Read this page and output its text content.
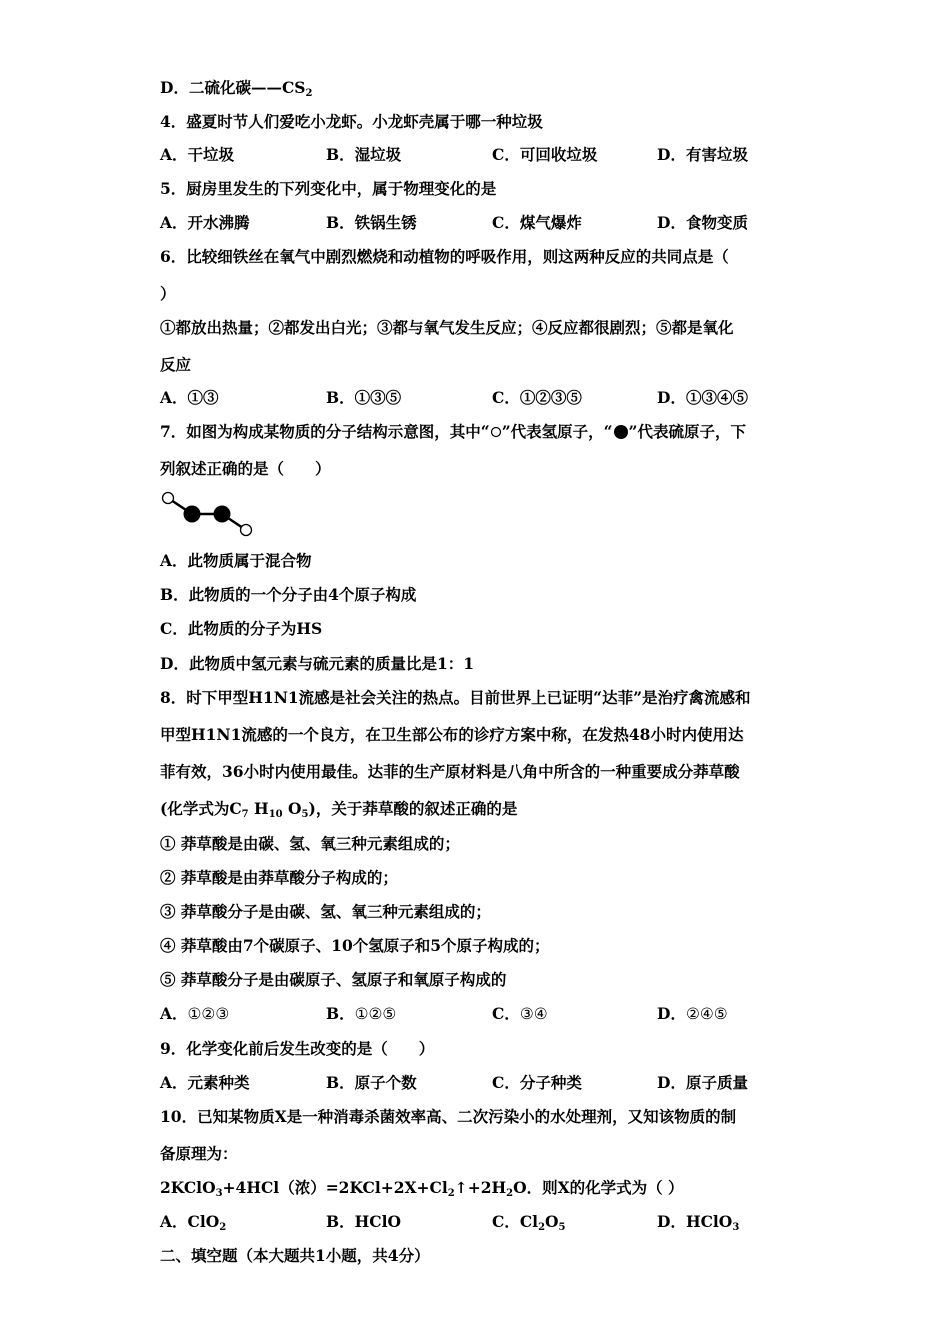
D．二硫化碳$——CS_2$
4．盛夏时节人们爱吃小龙虾。小龙虾壳属于哪一种垃圾
A．干垃圾	B．湿垃圾	C．可回收垃圾	D．有害垃圾
5．厨房里发生的下列变化中，属于物理变化的是
A．开水沸腾	B．铁锅生锈	C．煤气爆炸	D．食物变质
6．比较细铁丝在氧气中剧烈燃烧和动植物的呼吸作用，则这两种反应的共同点是（
）
①都放出热量；②都发出白光；③都与氧气发生反应；④反应都很剧烈；⑤都是氧化
反应
A．①③	B．①③⑤	C．①②③⑤	D．①③④⑤
7．如图为构成某物质的分子结构示意图，其中“ ”代表氢原子，“ ”代表硫原子，下
列叙述正确的是（　　）
A．此物质属于混合物
B．此物质的一个分子由4个原子构成
C．此物质的分子为HS
D．此物质中氢元素与硫元素的质量比是1：1
8．时下甲型H1N1流感是社会关注的热点。目前世界上已证明“达菲”是治疗禽流感和
甲型H1N1流感的一个良方，在卫生部公布的诊疗方案中称，在发热48小时内使用达
菲有效，36小时内使用最佳。达菲的生产原材料是八角中所含的一种重要成分莽草酸
(化学式为$C_7$ $H_{10}$ $O_5$)，关于莽草酸的叙述正确的是
① 莽草酸是由碳、氢、氧三种元素组成的；
② 莽草酸是由莽草酸分子构成的；
③ 莽草酸分子是由碳、氢、氧三种元素组成的；
④ 莽草酸由7个碳原子、10个氢原子和5个原子构成的；
⑤ 莽草酸分子是由碳原子、氢原子和氧原子构成的
A．①②③	B．①②⑤	C．③④	D．②④⑤
9．化学变化前后发生改变的是（　　）
A．元素种类	B．原子个数	C．分子种类	D．原子质量
10．已知某物质X是一种消毒杀菌效率高、二次污染小的水处理剂，又知该物质的制
备原理为：
2KClO$_3$+4HCl（浓）$=2KCl+2X+Cl_2↑+2H_2O$．则X的化学式为（ ）
A．ClO$_2$	B．HClO	C．$Cl_2O_5$	D．HClO$_3$
二、填空题（本大题共1小题，共4分）
